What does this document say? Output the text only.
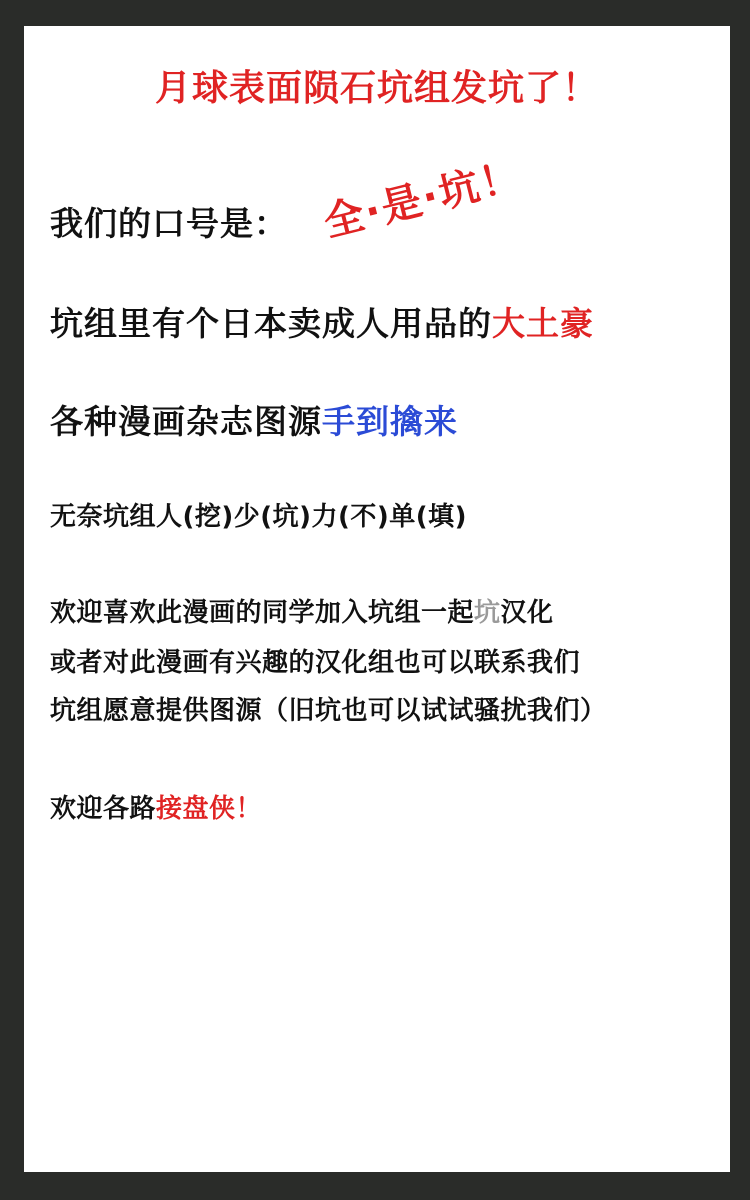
月球表面陨石坑组发坑了！
我们的口号是： 全·是·坑！
坑组里有个日本卖成人用品的大土豪
各种漫画杂志图源手到擒来
无奈坑组人(挖)少(坑)力(不)单(填)
欢迎喜欢此漫画的同学加入坑组一起坑汉化
或者对此漫画有兴趣的汉化组也可以联系我们
坑组愿意提供图源（旧坑也可以试试骚扰我们）
欢迎各路接盘侠！
